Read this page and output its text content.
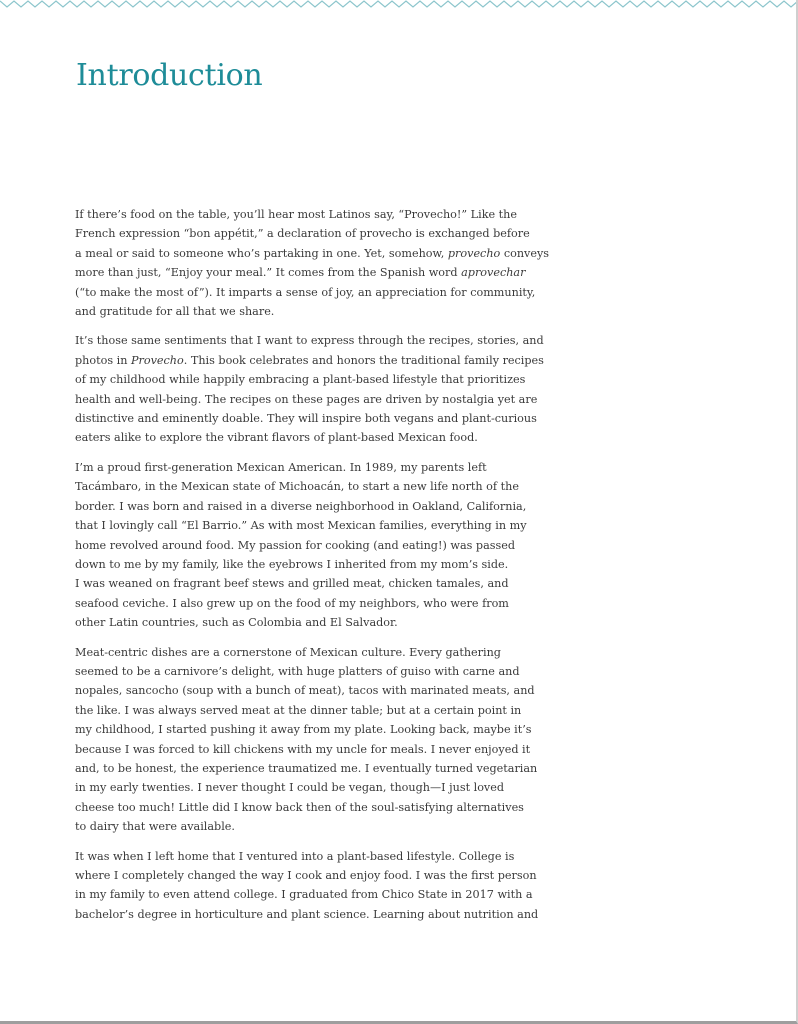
Introduction

If there’s food on the table, you’ll hear most Latinos say, “Provecho!” Like the
French expression “bon appétit,” a declaration of provecho is exchanged before
a meal or said to someone who’s partaking in one. Yet, somehow, provecho conveys
more than just, “Enjoy your meal.” It comes from the Spanish word aprovechar
(“to make the most of”). It imparts a sense of joy, an appreciation for community,
and gratitude for all that we share.

It’s those same sentiments that I want to express through the recipes, stories, and
photos in Provecho. This book celebrates and honors the traditional family recipes
of my childhood while happily embracing a plant-based lifestyle that prioritizes
health and well-being. The recipes on these pages are driven by nostalgia yet are
distinctive and eminently doable. They will inspire both vegans and plant-curious
eaters alike to explore the vibrant flavors of plant-based Mexican food.

I’m a proud first-generation Mexican American. In 1989, my parents left
Tacámbaro, in the Mexican state of Michoacán, to start a new life north of the
border. I was born and raised in a diverse neighborhood in Oakland, California,
that I lovingly call “El Barrio.” As with most Mexican families, everything in my
home revolved around food. My passion for cooking (and eating!) was passed
down to me by my family, like the eyebrows I inherited from my mom’s side.
I was weaned on fragrant beef stews and grilled meat, chicken tamales, and
seafood ceviche. I also grew up on the food of my neighbors, who were from
other Latin countries, such as Colombia and El Salvador.

Meat-centric dishes are a cornerstone of Mexican culture. Every gathering
seemed to be a carnivore’s delight, with huge platters of guiso with carne and
nopales, sancocho (soup with a bunch of meat), tacos with marinated meats, and
the like. I was always served meat at the dinner table; but at a certain point in
my childhood, I started pushing it away from my plate. Looking back, maybe it’s
because I was forced to kill chickens with my uncle for meals. I never enjoyed it
and, to be honest, the experience traumatized me. I eventually turned vegetarian
in my early twenties. I never thought I could be vegan, though—I just loved
cheese too much! Little did I know back then of the soul-satisfying alternatives
to dairy that were available.

It was when I left home that I ventured into a plant-based lifestyle. College is
where I completely changed the way I cook and enjoy food. I was the first person
in my family to even attend college. I graduated from Chico State in 2017 with a
bachelor’s degree in horticulture and plant science. Learning about nutrition and
